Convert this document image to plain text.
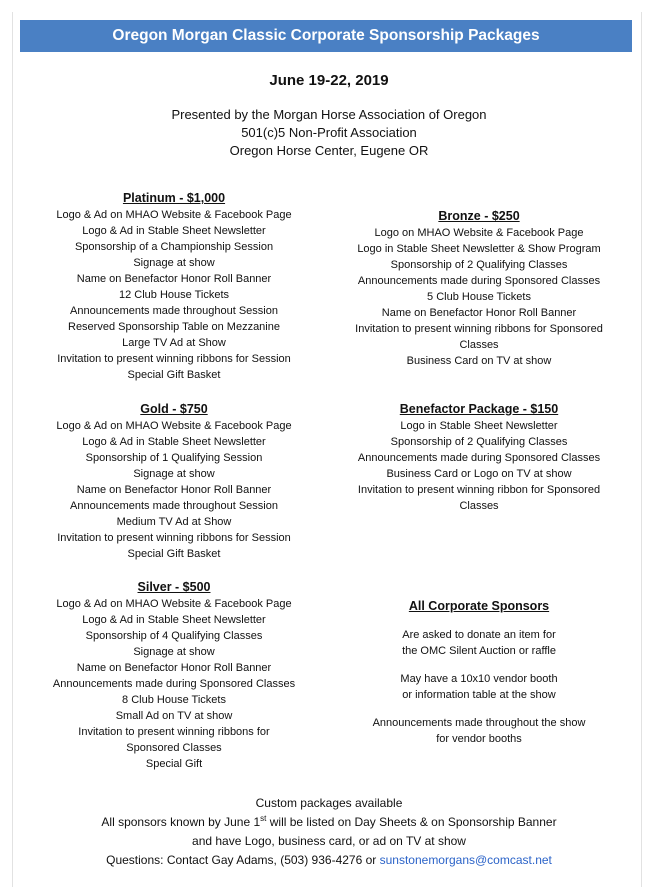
Oregon Morgan Classic Corporate Sponsorship Packages
June 19-22, 2019
Presented by the Morgan Horse Association of Oregon
501(c)5 Non-Profit Association
Oregon Horse Center, Eugene OR
Platinum - $1,000
Logo & Ad on MHAO Website & Facebook Page
Logo & Ad in Stable Sheet Newsletter
Sponsorship of a Championship Session
Signage at show
Name on Benefactor Honor Roll Banner
12 Club House Tickets
Announcements made throughout Session
Reserved Sponsorship Table on Mezzanine
Large TV Ad at Show
Invitation to present winning ribbons for Session
Special Gift Basket
Gold - $750
Logo & Ad on MHAO Website & Facebook Page
Logo & Ad in Stable Sheet Newsletter
Sponsorship of 1 Qualifying Session
Signage at show
Name on Benefactor Honor Roll Banner
Announcements made throughout Session
Medium TV Ad at Show
Invitation to present winning ribbons for Session
Special Gift Basket
Silver - $500
Logo & Ad on MHAO Website & Facebook Page
Logo & Ad in Stable Sheet Newsletter
Sponsorship of 4 Qualifying Classes
Signage at show
Name on Benefactor Honor Roll Banner
Announcements made during Sponsored Classes
8 Club House Tickets
Small Ad on TV at show
Invitation to present winning ribbons for
Sponsored Classes
Special Gift
Bronze - $250
Logo on MHAO Website & Facebook Page
Logo in Stable Sheet Newsletter & Show Program
Sponsorship of 2 Qualifying Classes
Announcements made during Sponsored Classes
5 Club House Tickets
Name on Benefactor Honor Roll Banner
Invitation to present winning ribbons for Sponsored Classes
Business Card on TV at show
Benefactor Package - $150
Logo in Stable Sheet Newsletter
Sponsorship of 2 Qualifying Classes
Announcements made during Sponsored Classes
Business Card or Logo on TV at show
Invitation to present winning ribbon for Sponsored Classes
All Corporate Sponsors
Are asked to donate an item for
the OMC Silent Auction or raffle
May have a 10x10 vendor booth
or information table at the show
Announcements made throughout the show
for vendor booths
Custom packages available
All sponsors known by June 1st will be listed on Day Sheets & on Sponsorship Banner
and have Logo, business card, or ad on TV at show
Questions: Contact Gay Adams, (503) 936-4276 or sunstonemorgans@comcast.net
